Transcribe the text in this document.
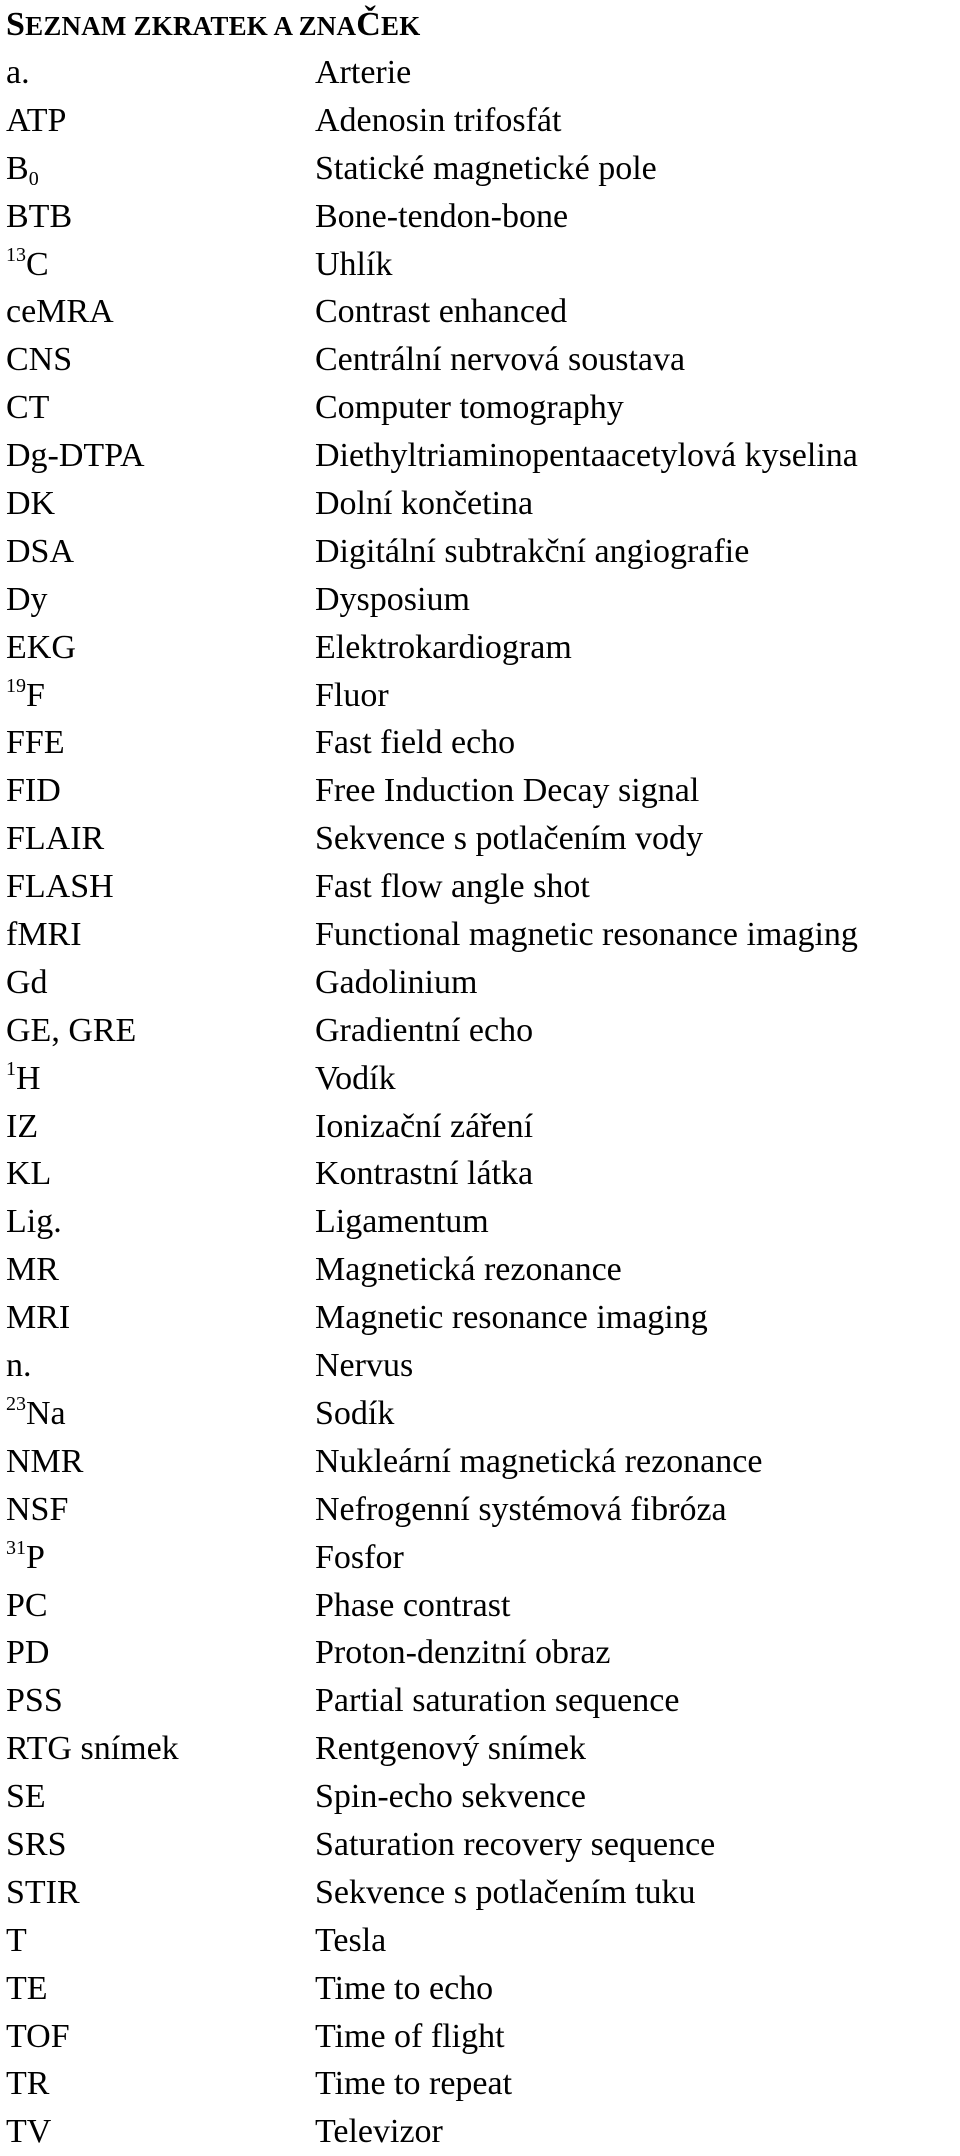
SEZNAM ZKRATEK A ZNAČEK
a.	Arterie
ATP	Adenosin trifosfát
$B_0$	Statické magnetické pole
BTB	Bone-tendon-bone
$^{13}$C	Uhlík
ceMRA	Contrast enhanced
CNS	Centrální nervová soustava
CT	Computer tomography
Dg-DTPA	Diethyltriaminopentaacetylová kyselina
DK	Dolní končetina
DSA	Digitální subtrakční angiografie
Dy	Dysposium
EKG	Elektrokardiogram
$^{19}$F	Fluor
FFE	Fast field echo
FID	Free Induction Decay signal
FLAIR	Sekvence s potlačením vody
FLASH	Fast flow angle shot
fMRI	Functional magnetic resonance imaging
Gd	Gadolinium
GE, GRE	Gradientní echo
$^1$H	Vodík
IZ	Ionizační záření
KL	Kontrastní látka
Lig.	Ligamentum
MR	Magnetická rezonance
MRI	Magnetic resonance imaging
n.	Nervus
$^{23}$Na	Sodík
NMR	Nukleární magnetická rezonance
NSF	Nefrogenní systémová fibróza
$^{31}$P	Fosfor
PC	Phase contrast
PD	Proton-denzitní obraz
PSS	Partial saturation sequence
RTG snímek	Rentgenový snímek
SE	Spin-echo sekvence
SRS	Saturation recovery sequence
STIR	Sekvence s potlačením tuku
T	Tesla
TE	Time to echo
TOF	Time of flight
TR	Time to repeat
TV	Televizor
